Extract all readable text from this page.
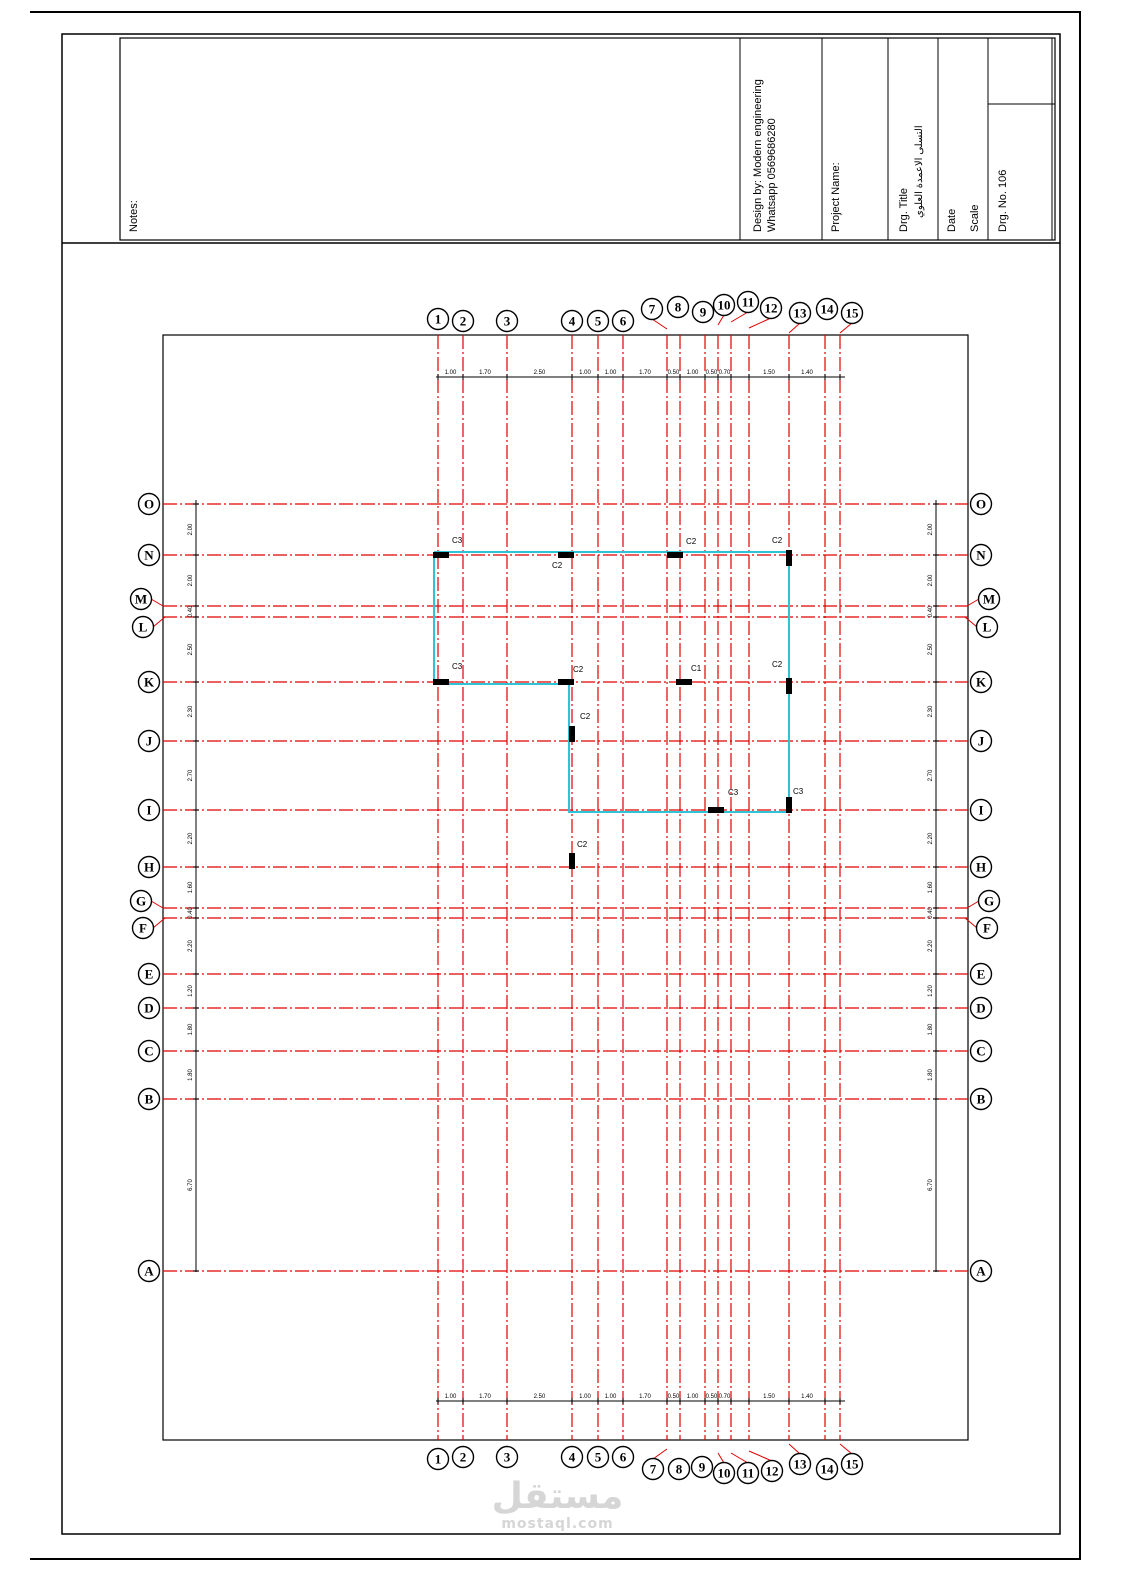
1.00	1.70	2.50	1.00 1.00	1.70	0.50 1.00 0.50 0.70	1.50	1.40
1.00	1.70	2.50	1.00 1.00	1.70	0.50 1.00 0.50 0.70	1.50	1.40
2.00
2.00
0.40
2.50
2.30
2.70
2.20
1.60
0.40
2.20
1.20
1.80
1.80
6.70
2.00
2.00
0.40
2.50
2.30
2.70
2.20
1.60
0.40
2.20
1.20
1.80
1.80
6.70
C3
C2
C2	C2
C3	C2	C1	C2
C2
C3	C3
C2
1
1
2
2
3
3
4
4
5
5
6
6
7
7
8
8
9
9
10
10
11
11
12
12
13
13
14
14
15
15
O	O
N	N
M	M
L	L
K	K
J	J
I	I
H	H
G	G
F	F
E	E
D	D
C	C
B	B
A	A
Notes:	Design by: Modern engineering Whatsapp 0569686280	Project Name:	Drg. Title التسلى الاعمدة العلوي
Date Scale Drg. No. 106
مستقل
mostaql.com
